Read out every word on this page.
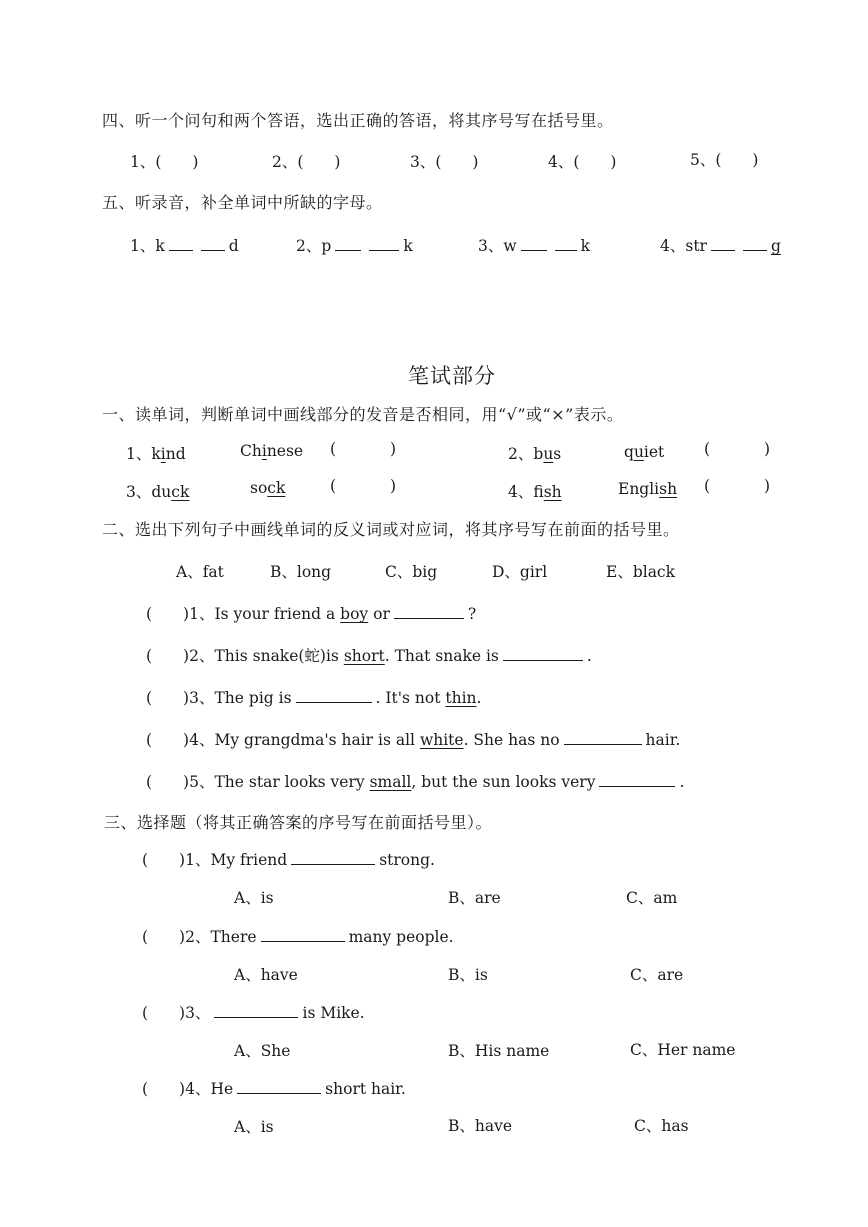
四、听一个问句和两个答语，选出正确的答语，将其序号写在括号里。
1、(　　)	2、(　　)	3、(　　)	4、(　　)	5、(　　)
五、听录音，补全单词中所缺的字母。
1、k	d	2、p	k	3、w	k	4、str	g
笔试部分
一、读单词，判断单词中画线部分的发音是否相同，用“√”或“×”表示。
1、kind	Chinese (	)	2、bus	quiet	(	)
3、duck	sock	(	)	4、fish	English (	)
二、选出下列句子中画线单词的反义词或对应词，将其序号写在前面的括号里。
A、fat	B、long	C、big	D、girl	E、black
(　　)1、Is your friend a boy or	?
(　　)2、This snake(蛇)is short. That snake is	.
(　　)3、The pig is	. It's not thin.
(　　)4、My grangdma's hair is all white. She has no	hair.
(　　)5、The star looks very small, but the sun looks very	.
三、选择题（将其正确答案的序号写在前面括号里）。
(　　)1、My friend	strong.
A、is	B、are	C、am
(　　)2、There	many people.
A、have	B、is	C、are
(　　)3、	is Mike.
A、She	B、His name	C、Her name
(　　)4、He	short hair.
A、is	B、have	C、has
